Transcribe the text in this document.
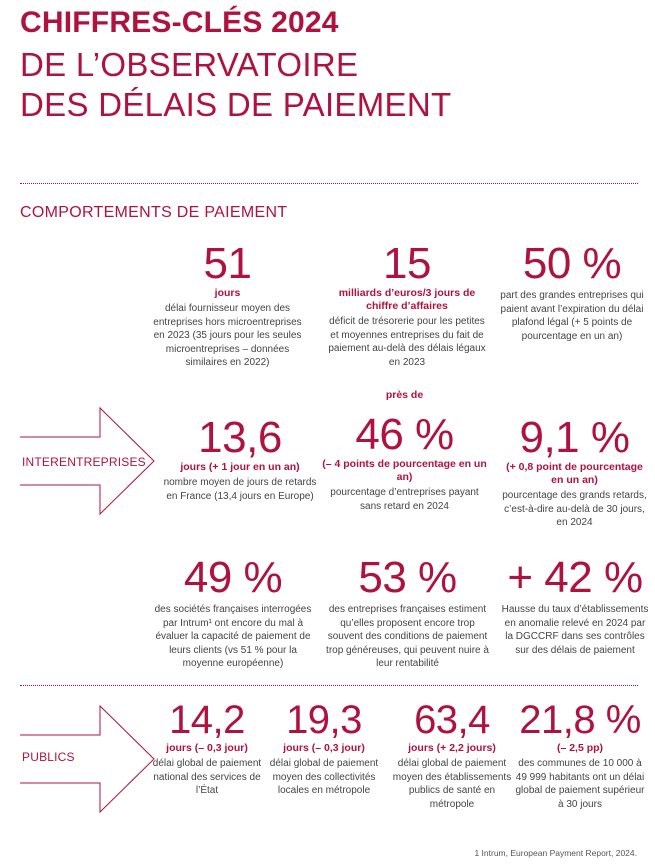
CHIFFRES-CLÉS 2024
DE L’OBSERVATOIRE
DES DÉLAIS DE PAIEMENT
COMPORTEMENTS DE PAIEMENT
INTERENTREPRISES
51
jours
délai fournisseur moyen des entreprises hors microentreprises en 2023 (35 jours pour les seules microentreprises – données similaires en 2022)
15
milliards d’euros/3 jours de chiffre d’affaires
déficit de trésorerie pour les petites et moyennes entreprises du fait de paiement au-delà des délais légaux en 2023
50 %
part des grandes entreprises qui paient avant l’expiration du délai plafond légal (+ 5 points de pourcentage en un an)
13,6
jours (+ 1 jour en un an)
nombre moyen de jours de retards en France (13,4 jours en Europe)
près de
46 %
(– 4 points de pourcentage en un an)
pourcentage d’entreprises payant sans retard en 2024
9,1 %
(+ 0,8 point de pourcentage en un an)
pourcentage des grands retards, c’est-à-dire au-delà de 30 jours, en 2024
49 %
des sociétés françaises interrogées par Intrum¹ ont encore du mal à évaluer la capacité de paiement de leurs clients (vs 51 % pour la moyenne européenne)
53 %
des entreprises françaises estiment qu’elles proposent encore trop souvent des conditions de paiement trop généreuses, qui peuvent nuire à leur rentabilité
+ 42 %
Hausse du taux d’établissements en anomalie relevé en 2024 par la DGCCRF dans ses contrôles sur des délais de paiement
PUBLICS
14,2
jours (– 0,3 jour)
délai global de paiement national des services de l’État
19,3
jours (– 0,3 jour)
délai global de paiement moyen des collectivités locales en métropole
63,4
jours (+ 2,2 jours)
délai global de paiement moyen des établissements publics de santé en métropole
21,8 %
(– 2,5 pp)
des communes de 10 000 à 49 999 habitants ont un délai global de paiement supérieur à 30 jours
1 Intrum, European Payment Report, 2024.
